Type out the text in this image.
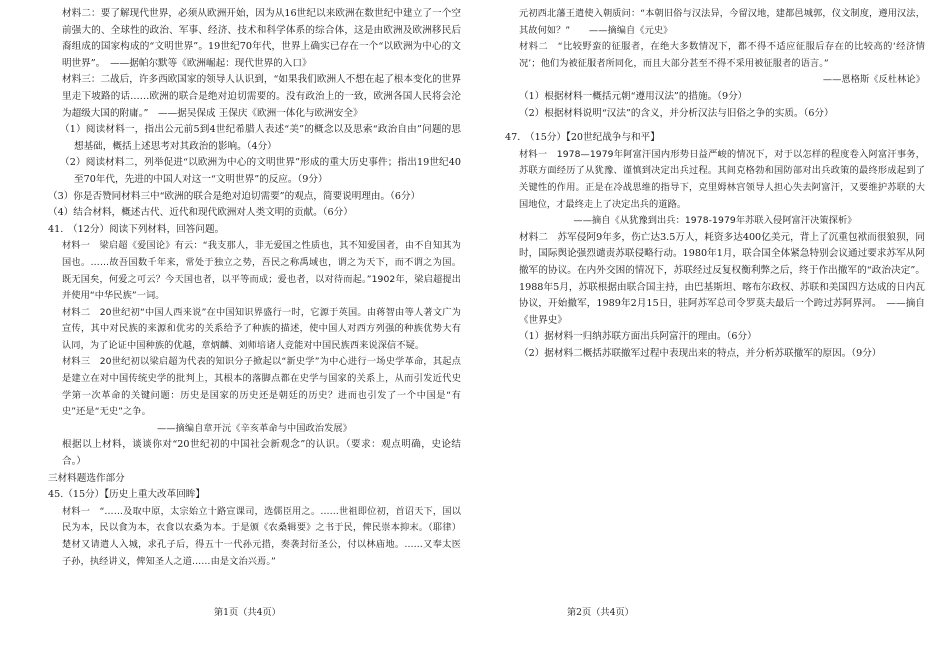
材料二：要了解现代世界，必须从欧洲开始，因为从16世纪以来欧洲在数世纪中建立了一个空前强大的、全球性的政治、军事、经济、技术和科学体系的综合体，这是由欧洲及欧洲移民后裔组成的国家构成的“文明世界”。19世纪70年代，世界上确实已存在一个“以欧洲为中心的文明世界”。　——据帕尔默等《欧洲崛起：现代世界的入口》

材料三：二战后，许多西欧国家的领导人认识到，“如果我们欧洲人不想在起了根本变化的世界里走下坡路的话……欧洲的联合是绝对迫切需要的。没有政治上的一致，欧洲各国人民将会沦为超级大国的附庸。”　——据吴保成 王保庆《欧洲一体化与欧洲安全》

（1）阅读材料一，指出公元前5到4世纪希腊人表述“美”的概念以及思索“政治自由”问题的思想基础，概括上述思考对其政治的影响。（4分）

（2）阅读材料二，列举促进“以欧洲为中心的文明世界”形成的重大历史事件；指出19世纪40至70年代，先进的中国人对这一“文明世界”的反应。（9分）

（3）你是否赞同材料三中“欧洲的联合是绝对迫切需要”的观点，简要说明理由。（6分）

（4）结合材料，概述古代、近代和现代欧洲对人类文明的贡献。（6分）

41.　（12分）阅读下列材料，回答问题。

材料一　梁启超《爱国论》有云：“我支那人，非无爱国之性质也，其不知爱国者，由不自知其为国也。……故吾国数千年来，常处于独立之势，吾民之称禹域也，谓之为天下，而不谓之为国。既无国矣，何爱之可云？今天国也者，以平等而成；爱也者，以对待而起。”1902年，梁启超提出并使用“中华民族”一词。

材料二　20世纪初“中国人西来说”在中国知识界盛行一时，它源于英国。由蒋智由等人著文广为宣传，其中对民族的来源和优劣的关系给予了种族的描述，使中国人对西方列强的种族优势大有认同，为了论证中国种族的优越，章炳麟、刘师培诸人竞能对中国民族西来说深信不疑。

材料三　20世纪初以梁启超为代表的知识分子掀起以“新史学”为中心进行一场史学革命，其起点是建立在对中国传统史学的批判上，其根本的落脚点都在史学与国家的关系上，从而引发近代史学第一次革命的关键问题：历史是国家的历史还是朝廷的历史？进而也引发了一个中国是“有史”还是“无史”之争。

——摘编自章开沅《辛亥革命与中国政治发展》

根据以上材料，谈谈你对“20世纪初的中国社会新观念”的认识。（要求：观点明确，史论结合。）

三材料题选作部分

45.（15分）【历史上重大改革回眸】

材料一　“……及取中原，太宗始立十路宣课司，选儒臣用之。……世祖即位初，首诏天下，国以民为本，民以食为本，衣食以农桑为本。于是颁《农桑辑要》之书于民，俾民崇本抑末。（耶律）楚材又请遣人入城，求孔子后，得五十一代孙元措，奏袭封衍圣公，付以林庙地。……又奉太医子孙，执经讲义，俾知圣人之道……由是文治兴焉。”

第1页（共4页）

元初西北藩王遣使入朝质问：“本朝旧俗与汉法异，今留汉地，建都邑城郭，仪文制度，遵用汉法，其故何如？”　　——摘编自《元史》

材料二　“比较野蛮的征服者，在绝大多数情况下，都不得不适应征服后存在的比较高的‘经济情况’；他们为被征服者所同化，而且大部分甚至不得不采用被征服者的语言。”

——恩格斯《反杜林论》

（1）根据材料一概括元朝“遵用汉法”的措施。（9分）

（2）根据材料说明“汉法”的含义，并分析汉法与旧俗之争的实质。（6分）

47.　（15分）【20世纪战争与和平】

材料一　1978—1979年阿富汗国内形势日益严峻的情况下，对于以怎样的程度卷入阿富汗事务，苏联方面经历了从犹豫、谨慎到决定出兵过程。其间克格勃和国防部对出兵政策的最终形成起到了关键性的作用。正是在冷战思维的指导下，克里姆林宫领导人担心失去阿富汗，又要维护苏联的大国地位，才最终走上了决定出兵的道路。

——摘自《从犹豫到出兵：1978-1979年苏联入侵阿富汗决策探析》

材料二　苏军侵阿9年多，伤亡达3.5万人，耗资多达400亿美元，背上了沉重包袱而很狼狈，同时，国际舆论强烈谴责苏联侵略行动。1980年1月，联合国全体紧急特别会议通过要求苏军从阿撤军的协议。在内外交困的情况下，苏联经过反复权衡利弊之后，终于作出撤军的“政治决定”。1988年5月，苏联根据由联合国主持，由巴基斯坦、喀布尔政权、苏联和美国四方达成的日内瓦协议，开始撤军，1989年2月15日，驻阿苏军总司令罗莫夫最后一个跨过苏阿界河。　——摘自《世界史》

（1）据材料一归纳苏联方面出兵阿富汗的理由。（6分）

（2）据材料二概括苏联撤军过程中表现出来的特点，并分析苏联撤军的原因。（9分）

第2页（共4页）
